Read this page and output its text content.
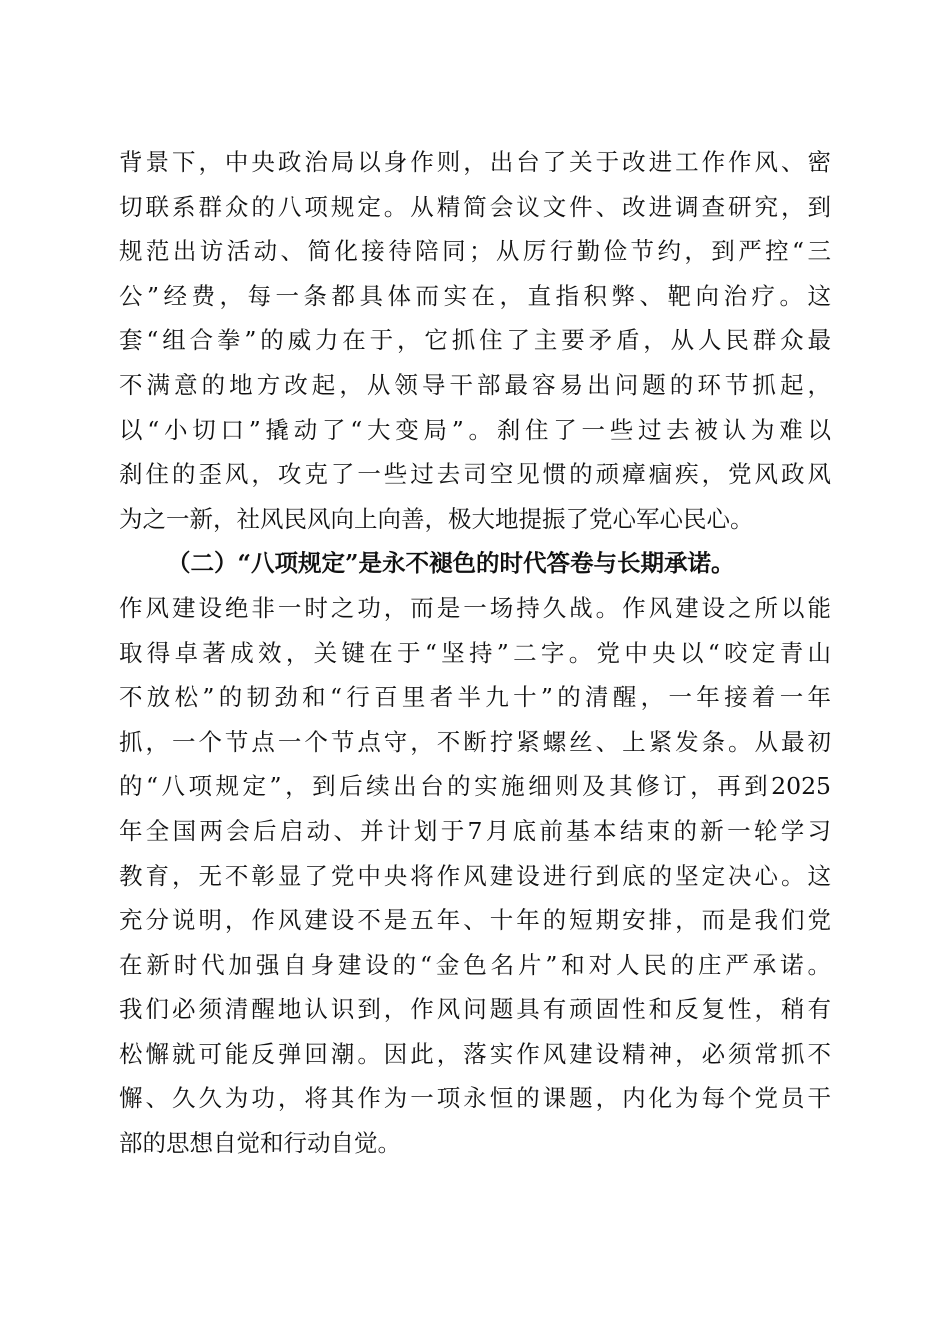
背景下，中央政治局以身作则，出台了关于改进工作作风、密
切联系群众的八项规定。从精简会议文件、改进调查研究，到
规范出访活动、简化接待陪同；从厉行勤俭节约，到严控“三
公”经费，每一条都具体而实在，直指积弊、靶向治疗。这
套“组合拳”的威力在于，它抓住了主要矛盾，从人民群众最
不满意的地方改起，从领导干部最容易出问题的环节抓起，
以“小切口”撬动了“大变局”。刹住了一些过去被认为难以
刹住的歪风，攻克了一些过去司空见惯的顽瘴痼疾，党风政风
为之一新，社风民风向上向善，极大地提振了党心军心民心。
（二）“八项规定”是永不褪色的时代答卷与长期承诺。
作风建设绝非一时之功，而是一场持久战。作风建设之所以能
取得卓著成效，关键在于“坚持”二字。党中央以“咬定青山
不放松”的韧劲和“行百里者半九十”的清醒，一年接着一年
抓，一个节点一个节点守，不断拧紧螺丝、上紧发条。从最初
的“八项规定”，到后续出台的实施细则及其修订，再到2025
年全国两会后启动、并计划于7月底前基本结束的新一轮学习
教育，无不彰显了党中央将作风建设进行到底的坚定决心。这
充分说明，作风建设不是五年、十年的短期安排，而是我们党
在新时代加强自身建设的“金色名片”和对人民的庄严承诺。
我们必须清醒地认识到，作风问题具有顽固性和反复性，稍有
松懈就可能反弹回潮。因此，落实作风建设精神，必须常抓不
懈、久久为功，将其作为一项永恒的课题，内化为每个党员干
部的思想自觉和行动自觉。
